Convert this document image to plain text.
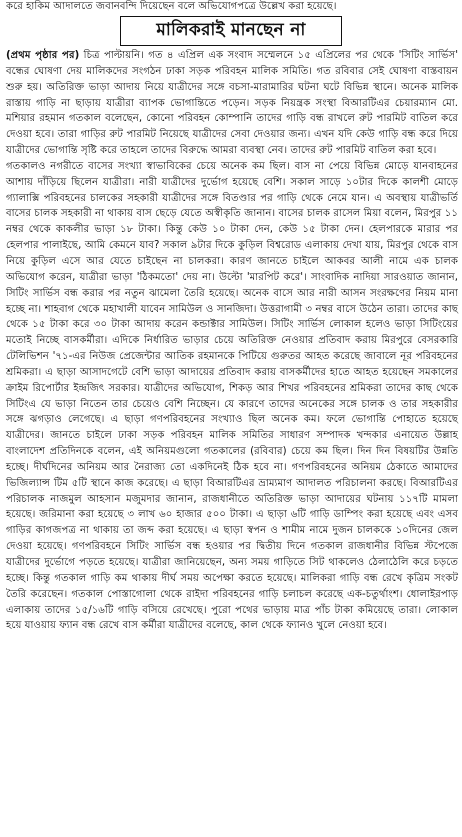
করে হাকিম আদালতে জবানবন্দি দিয়েছেন বলে অভিযোগপত্রে উল্লেখ করা হয়েছে।
মালিকরাই মানছেন না

(প্রথম পৃষ্ঠার পর) চিত্র পাল্টায়নি। গত ৪ এপ্রিল এক সংবাদ সম্মেলনে ১৫ এপ্রিলের পর থেকে 'সিটিং সার্ভিস' বন্ধের ঘোষণা দেয় মালিকদের সংগঠন ঢাকা সড়ক পরিবহন মালিক সমিতি। গত রবিবার সেই ঘোষণা বাস্তবায়ন শুরু হয়। অতিরিক্ত ভাড়া আদায় নিয়ে যাত্রীদের সঙ্গে বচসা-মারামারির ঘটনা ঘটে বিভিন্ন স্থানে। অনেক মালিক রাস্তায় গাড়ি না ছাড়ায় যাত্রীরা ব্যাপক ভোগান্তিতে পড়েন। সড়ক নিয়ন্ত্রক সংস্থা বিআরটিএর চেয়ারম্যান মো. মশিয়ার রহমান গতকাল বলেছেন, কোনো পরিবহন কোম্পানি তাদের গাড়ি বন্ধ রাখলে রুট পারমিট বাতিল করে দেওয়া হবে। তারা গাড়ির রুট পারমিট নিয়েছে যাত্রীদের সেবা দেওয়ার জন্য। এখন যদি কেউ গাড়ি বন্ধ করে দিয়ে যাত্রীদের ভোগান্তি সৃষ্টি করে তাহলে তাদের বিরুদ্ধে আমরা ব্যবস্থা নেব। তাদের রুট পারমিট বাতিল করা হবে।

গতকালও নগরীতে বাসের সংখ্যা স্বাভাবিকের চেয়ে অনেক কম ছিল। বাস না পেয়ে বিভিন্ন মোড়ে যানবাহনের আশায় দাঁড়িয়ে ছিলেন যাত্রীরা। নারী যাত্রীদের দুর্ভোগ হয়েছে বেশি। সকাল সাড়ে ১০টার দিকে কালশী মোড়ে গ্যালাক্সি পরিবহনের চালকের সহকারী যাত্রীদের সঙ্গে বিতণ্ডার পর গাড়ি থেকে নেমে যান। এ অবস্থায় যাত্রীভর্তি বাসের চালক সহকারী না থাকায় বাস ছেড়ে যেতে অস্বীকৃতি জানান। বাসের চালক রাসেল মিয়া বলেন, মিরপুর ১১ নম্বর থেকে কাকলীর ভাড়া ১৮ টাকা। কিন্তু কেউ ১০ টাকা দেন, কেউ ১৫ টাকা দেন। হেলপারকে মারার পর হেলপার পালাইছে, আমি কেমনে যাব? সকাল ৯টার দিকে কুড়িল বিশ্বরোড এলাকায় দেখা যায়, মিরপুর থেকে বাস নিয়ে কুড়িল এসে আর যেতে চাইছেন না চালকরা। কারণ জানতে চাইলে আকবর আলী নামে এক চালক অভিযোগ করেন, যাত্রীরা ভাড়া 'ঠিকমতো' দেয় না। উল্টো 'মারপিট করে'। সাংবাদিক নাদিয়া সারওয়াত জানান, সিটিং সার্ভিস বন্ধ করার পর নতুন ঝামেলা তৈরি হয়েছে। অনেক বাসে আর নারী আসন সংরক্ষণের নিয়ম মানা হচ্ছে না। শাহবাগ থেকে মহাখালী যাবেন সামিউল ও সানজিদা। উত্তরাগামী ৩ নম্বর বাসে উঠেন তারা। তাদের কাছ থেকে ১৫ টাকা করে ৩০ টাকা আদায় করেন কন্ডাক্টার সামিউল। সিটিং সার্ভিস লোকাল হলেও ভাড়া সিটিংয়ের মতোই নিচ্ছে বাসকর্মীরা। এদিকে নির্ধারিত ভাড়ার চেয়ে অতিরিক্ত নেওয়ার প্রতিবাদ করায় মিরপুরে বেসরকারি টেলিভিশন '৭১-এর নিউজ প্রেজেন্টার আতিক রহমানকে পিটিয়ে গুরুতর আহত করেছে জাবালে নূর পরিবহনের শ্রমিকরা। এ ছাড়া আসাদগেটে বেশি ভাড়া আদায়ের প্রতিবাদ করায় বাসকর্মীদের হাতে আহত হয়েছেন সমকালের ক্রাইম রিপোর্টার ইন্দ্রজিৎ সরকার। যাত্রীদের অভিযোগ, শিকড় আর শিখর পরিবহনের শ্রমিকরা তাদের কাছ থেকে সিটিংএ যে ভাড়া নিতেন তার চেয়েও বেশি নিচ্ছেন। যে কারণে তাদের অনেকের সঙ্গে চালক ও তার সহকারীর সঙ্গে ঝগড়াও লেগেছে। এ ছাড়া গণপরিবহনের সংখ্যাও ছিল অনেক কম। ফলে ভোগান্তি পোহাতে হয়েছে যাত্রীদের। জানতে চাইলে ঢাকা সড়ক পরিবহন মালিক সমিতির সাধারণ সম্পাদক খন্দকার এনায়েত উল্লাহ বাংলাদেশ প্রতিদিনকে বলেন, এই অনিয়মগুলো গতকালের (রবিবার) চেয়ে কম ছিল। দিন দিন বিষয়টির উন্নতি হচ্ছে। দীর্ঘদিনের অনিয়ম আর নৈরাজ্য তো একদিনেই ঠিক হবে না। গণপরিবহনের অনিয়ম ঠেকাতে আমাদের ভিজিল্যান্স টিম ৫টি স্থানে কাজ করেছে। এ ছাড়া বিআরটিএর ভ্রাম্যমাণ আদালত পরিচালনা করছে। বিআরটিএর পরিচালক নাজমুল আহসান মজুমদার জানান, রাজধানীতে অতিরিক্ত ভাড়া আদায়ের ঘটনায় ১১৭টি মামলা হয়েছে। জরিমানা করা হয়েছে ৩ লাখ ৬০ হাজার ৫০০ টাকা। এ ছাড়া ৬টি গাড়ি ডাম্পিং করা হয়েছে এবং এসব গাড়ির কাগজপত্র না থাকায় তা জব্দ করা হয়েছে। এ ছাড়া স্বপন ও শামীম নামে দুজন চালককে ১০দিনের জেল দেওয়া হয়েছে। গণপরিবহনে সিটিং সার্ভিস বন্ধ হওয়ার পর দ্বিতীয় দিনে গতকাল রাজধানীর বিভিন্ন স্টপেজে যাত্রীদের দুর্ভোগে পড়তে হয়েছে। যাত্রীরা জানিয়েছেন, অন্য সময় গাড়িতে সিট থাকলেও ঠেলাঠেলি করে চড়তে হচ্ছে। কিন্তু গতকাল গাড়ি কম থাকায় দীর্ঘ সময় অপেক্ষা করতে হয়েছে। মালিকরা গাড়ি বন্ধ রেখে কৃত্রিম সংকট তৈরি করেছেন। গতকাল পোস্তাগোলা থেকে রাইদা পরিবহনের গাড়ি চলাচল করেছে এক-চতুর্থাংশ। ধোলাইরপাড় এলাকায় তাদের ১৫/১৬টি গাড়ি বসিয়ে রেখেছে। পুরো পথের ভাড়ায় মাত্র পাঁচ টাকা কমিয়েছে তারা। লোকাল হয়ে যাওয়ায় ফ্যান বন্ধ রেখে বাস কর্মীরা যাত্রীদের বলেছে, কাল থেকে ফ্যানও খুলে নেওয়া হবে।
